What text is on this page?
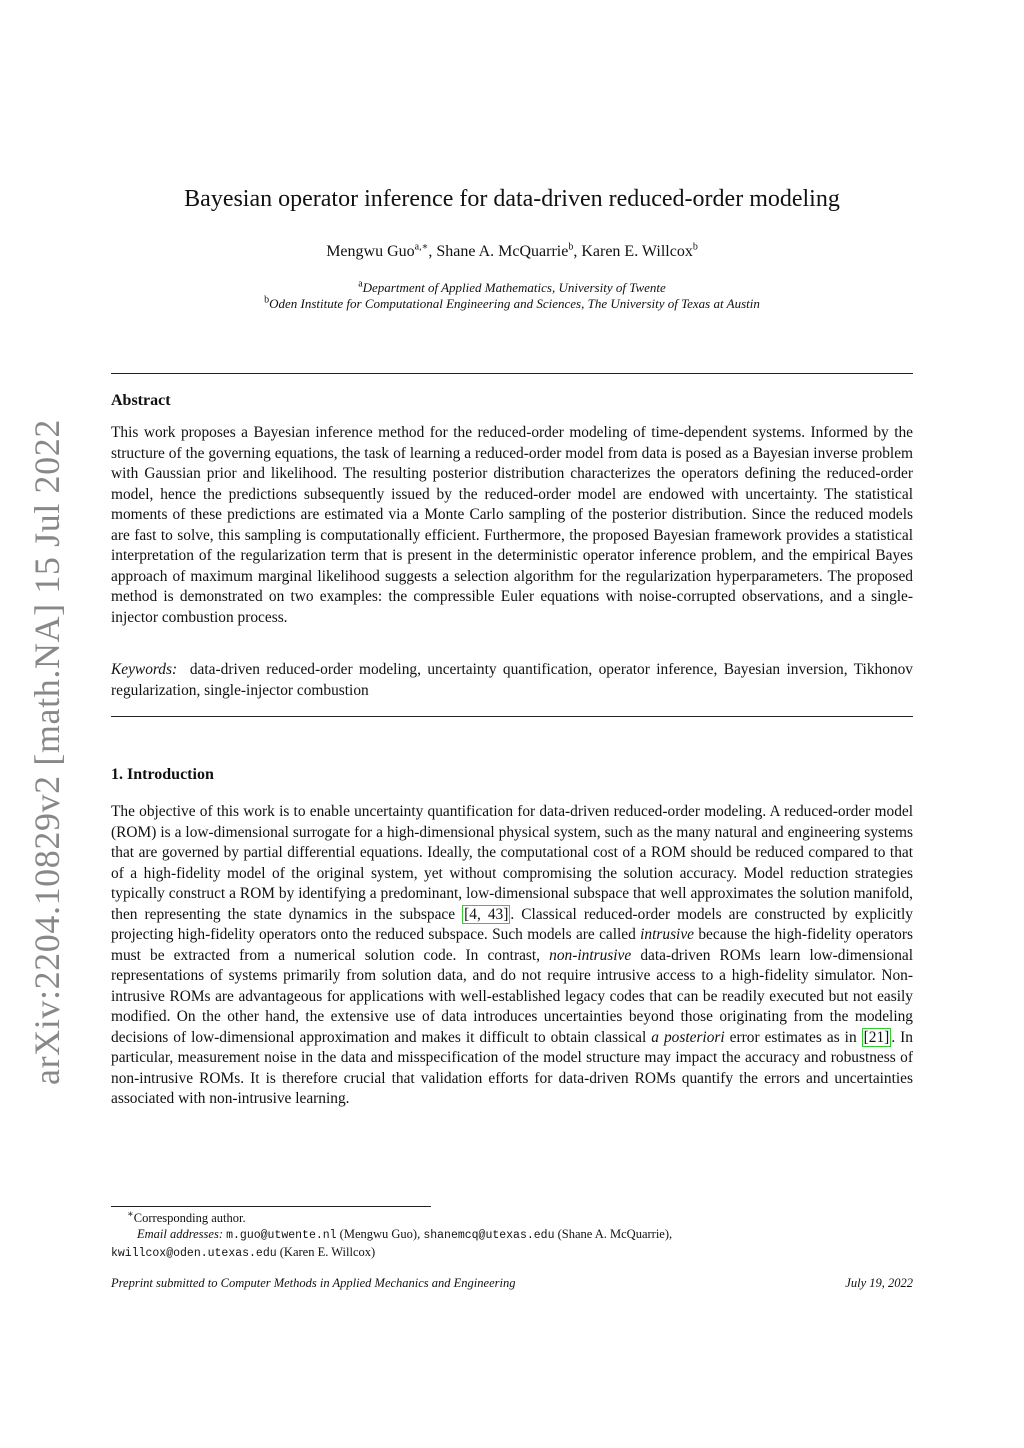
arXiv:2204.10829v2 [math.NA] 15 Jul 2022
Bayesian operator inference for data-driven reduced-order modeling
Mengwu Guo$^{a,∗}$, Shane A. McQuarrie$^b$, Karen E. Willcox$^b$
$^a$Department of Applied Mathematics, University of Twente
$^b$Oden Institute for Computational Engineering and Sciences, The University of Texas at Austin
Abstract
This work proposes a Bayesian inference method for the reduced-order modeling of time-dependent systems. Informed by the structure of the governing equations, the task of learning a reduced-order model from data is posed as a Bayesian inverse problem with Gaussian prior and likelihood. The resulting posterior distribution characterizes the operators defining the reduced-order model, hence the predictions subsequently issued by the reduced-order model are endowed with uncertainty. The statistical moments of these predictions are estimated via a Monte Carlo sampling of the posterior distribution. Since the reduced models are fast to solve, this sampling is computationally efficient. Furthermore, the proposed Bayesian framework provides a statistical interpretation of the regularization term that is present in the deterministic operator inference problem, and the empirical Bayes approach of maximum marginal likelihood suggests a selection algorithm for the regularization hyperparameters. The proposed method is demonstrated on two examples: the compressible Euler equations with noise-corrupted observations, and a single-injector combustion process.
Keywords: data-driven reduced-order modeling, uncertainty quantification, operator inference, Bayesian inversion, Tikhonov regularization, single-injector combustion
1. Introduction
The objective of this work is to enable uncertainty quantification for data-driven reduced-order modeling. A reduced-order model (ROM) is a low-dimensional surrogate for a high-dimensional physical system, such as the many natural and engineering systems that are governed by partial differential equations. Ideally, the computational cost of a ROM should be reduced compared to that of a high-fidelity model of the original system, yet without compromising the solution accuracy. Model reduction strategies typically construct a ROM by identifying a predominant, low-dimensional subspace that well approximates the solution manifold, then representing the state dynamics in the subspace [4, 43] . Classical reduced-order models are constructed by explicitly projecting high-fidelity operators onto the reduced subspace. Such models are called intrusive because the high-fidelity operators must be extracted from a numerical solution code. In contrast, non-intrusive data-driven ROMs learn low-dimensional representations of systems primarily from solution data, and do not require intrusive access to a high-fidelity simulator. Non-intrusive ROMs are advantageous for applications with well-established legacy codes that can be readily executed but not easily modified. On the other hand, the extensive use of data introduces uncertainties beyond those originating from the modeling decisions of low-dimensional approximation and makes it difficult to obtain classical a posteriori error estimates as in [21] . In particular, measurement noise in the data and misspecification of the model structure may impact the accuracy and robustness of non-intrusive ROMs. It is therefore crucial that validation efforts for data-driven ROMs quantify the errors and uncertainties associated with non-intrusive learning.
∗Corresponding author.
Email addresses: m.guo@utwente.nl (Mengwu Guo), shanemcq@utexas.edu (Shane A. McQuarrie),
kwillcox@oden.utexas.edu (Karen E. Willcox)
Preprint submitted to Computer Methods in Applied Mechanics and Engineering	July 19, 2022
